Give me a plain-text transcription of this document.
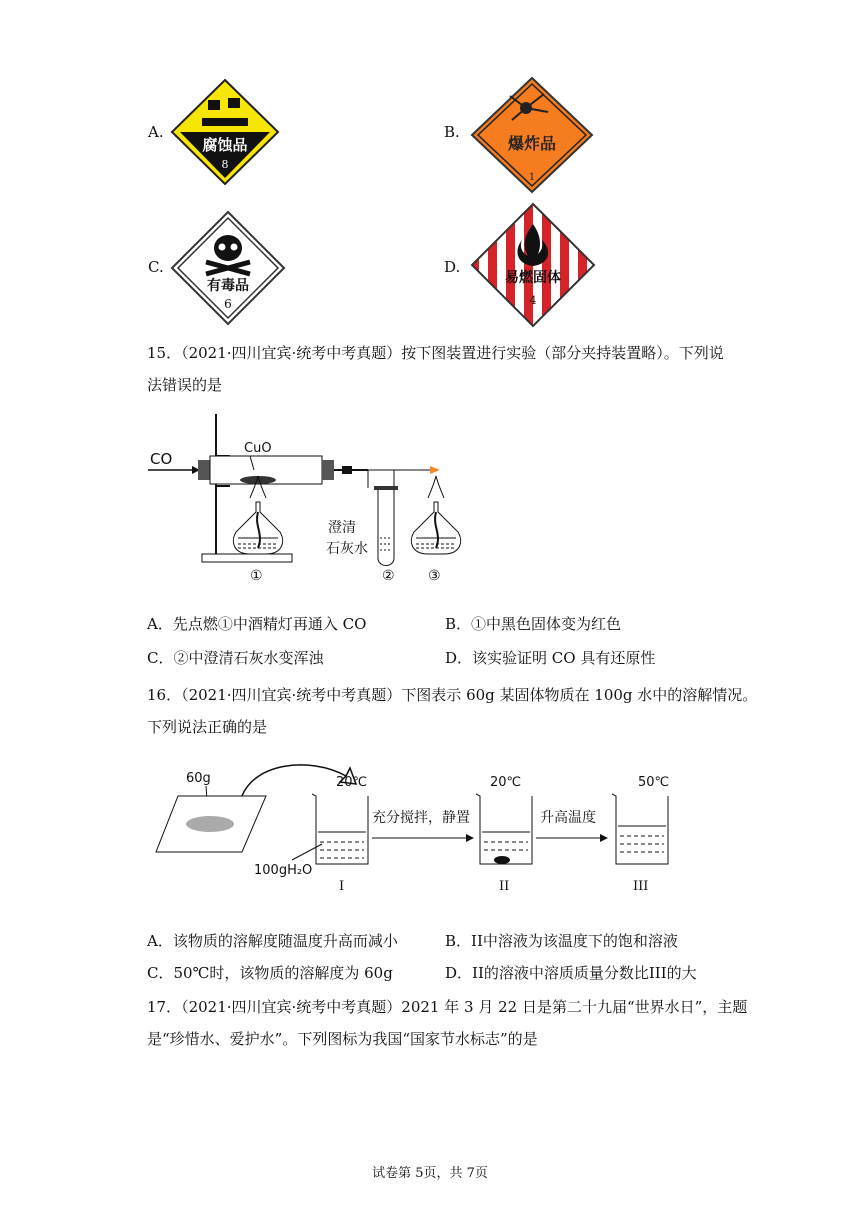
A.
腐蚀品
8
B.
爆炸品
1
C.
有毒品
6
D.
易燃固体
4
15．（2021·四川宜宾·统考中考真题）按下图装置进行实验（部分夹持装置略）。下列说
法错误的是
CO
CuO
澄清
石灰水
①	② ③
A．先点燃①中酒精灯再通入 CO	B．①中黑色固体变为红色
C．②中澄清石灰水变浑浊	D．该实验证明 CO 具有还原性
16．（2021·四川宜宾·统考中考真题）下图表示 60g 某固体物质在 100g 水中的溶解情况。
下列说法正确的是
60g	20℃
100gH₂O
I
充分搅拌，静置
20℃
II
升高温度
50℃
III
A．该物质的溶解度随温度升高而减小	B．II中溶液为该温度下的饱和溶液
C．50℃时，该物质的溶解度为 60g	D．II的溶液中溶质质量分数比III的大
17．（2021·四川宜宾·统考中考真题）2021 年 3 月 22 日是第二十九届“世界水日”，主题
是“珍惜水、爱护水”。下列图标为我国“国家节水标志”的是
试卷第 5页，共 7页
